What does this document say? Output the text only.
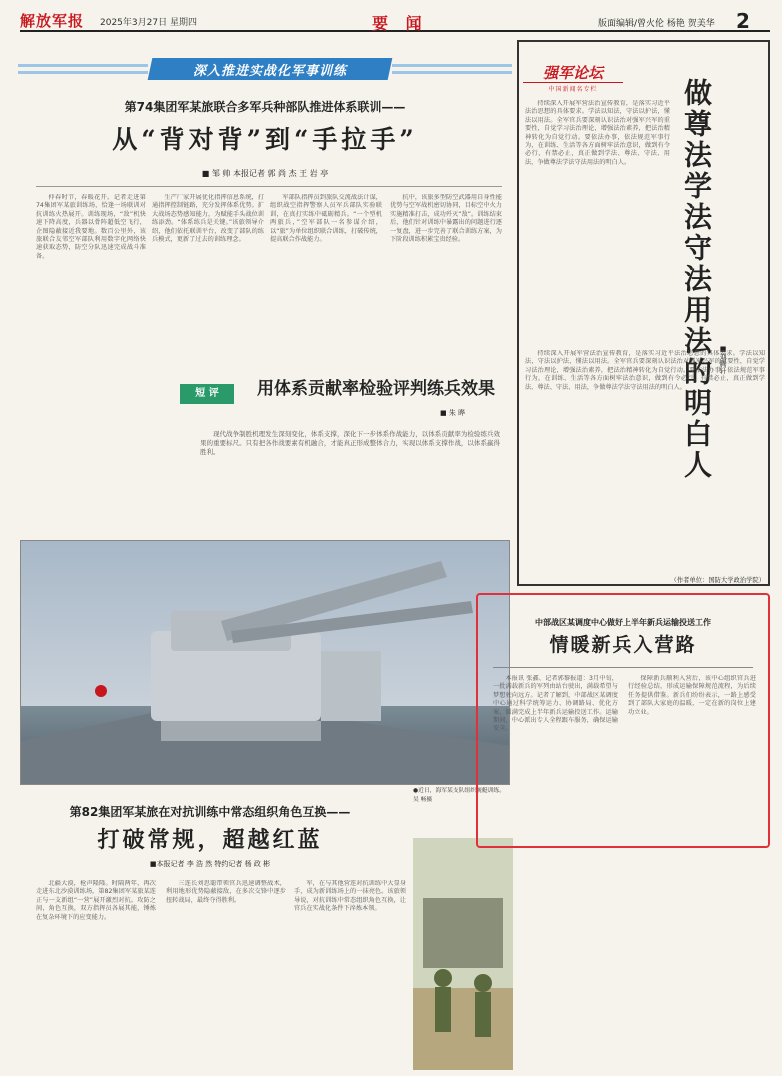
解放军报 2025年3月27日 星期四	要 闻	版面编辑/曾火伦 杨艳 贺美华 2
深入推进实战化军事训练
第74集团军某旅联合多军兵种部队推进体系联训——
从“背对背”到“手拉手”
■ 邹 帅 本报记者 郭 尚 杰 王 岩 亭

仲春时节，春暖花开。记者走进第74集团军某旅训练场，恰逢一场联训对抗训练火热展开。训练现场，“敌”机快速下降高度，兵器以骨阵超低空飞行，企图隐蔽接近我要地。数百公里外，该旅联合友邻空军部队利用数字化网络快速获取态势，防空分队迅速完成战斗准备。

生产厂家开展优化指挥信息系统，打通指挥控制链路，充分发挥体系优势。扩大战场态势感知能力，为赋能手头战位训练添劲。“体系练兵是关键。”该旅领导介绍，他们依托联训平台，改变了部队的练兵模式，更新了过去的训练理念。

军部队指挥员到旅队交流战法计谋，组织战空指挥警察人员军兵部队实验联训，在真打实练中砥砺精兵。“一个型机两旅兵，”空军部队一名参谋介绍，以“旅”为单位组织联合训练，打破传统，提高联合作战能力。

抗中，该旅多型防空武器用自身性能优势与空军战机密切协同，目标空中火力实施精准打击，成功歼灭“敌”。训练结束后，他们针对训练中暴露出的问题进行逐一复盘，进一步完善了联合训练方案，为下阶段训练积累宝贵经验。

短 评	用体系贡献率检验评判练兵效果
■ 朱 晔

现代战争制胜机理发生深刻变化，体系支撑，深化下一步体系作战能力，以体系贡献率为检验练兵效果的重要标尺。只有把各作战要素有机融合，才能真正形成整体合力，实现以体系支撑作战，以体系赢得胜利。

●近日，海军某支队组织舰艇训练。 吴 畅摄
第82集团军某旅在对抗训练中常态组织角色互换——
打破常规，超越红蓝
■本报记者 李 浩 然 特约记者 杨 政 彬

北疆大漠，枪声隆隆。时隔两年，再次走进东北沙漠训练场，第82集团军某旅某连正与一支新组“一营”展开激烈对抗。攻防之间，角色互换，双方指挥员各展其能，锤炼在复杂环境下的应变能力。

三连长刘思聪带领官兵迅速调整战术，利用地形优势隐蔽接敌，在多次交锋中逐步扭转战局，最终夺得胜利。

军，在与其他营连对抗训练中大显身手，成为新训练场上的一抹亮色。该旅领导说，对抗训练中常态组织角色互换，让官兵在实战化条件下淬炼本领。

强军论坛
中国新闻名专栏	做尊法学法守法用法的明白人 ■刘腾轩

持续深入开展军营法治宣传教育，是落实习近平法治思想的具体要求。学法以知法，守法以护法，懂法以用法。全军官兵要深刻认识法治对强军兴军的重要性，自觉学习法治理论，增强法治素养，把法治精神转化为自觉行动。要依法办事，依法规范军事行为，在训练、生活等各方面树牢法治意识，做到有令必行，有禁必止，真正做到学法、尊法、守法、用法，争做尊法学法守法用法的明白人。

持续深入开展军营法治宣传教育，是落实习近平法治思想的具体要求。学法以知法，守法以护法，懂法以用法。全军官兵要深刻认识法治对强军兴军的重要性，自觉学习法治理论，增强法治素养，把法治精神转化为自觉行动。要依法办事，依法规范军事行为，在训练、生活等各方面树牢法治意识，做到有令必行，有禁必止，真正做到学法、尊法、守法、用法，争做尊法学法守法用法的明白人。

（作者单位：国防大学政治学院）
中部战区某调度中心做好上半年新兵运输投送工作
情暖新兵入营路

本报讯 张鑫、记者郭黎报道：3月中旬，一批满载新兵的军列由站台驶出，满载希望与梦想驶向远方。记者了解到，中部战区某调度中心通过科学统筹运力、协调路局、优化方案，圆满完成上半年新兵运输投送工作。运输期间，中心派出专人全程跟车服务，确保运输安全。

保障新兵顺利入营后，该中心组织官兵进行经验总结，形成运输保障规范流程，为后续任务提供借鉴。新兵们纷纷表示，一路上感受到了部队大家庭的温暖，一定在新的岗位上建功立业。
